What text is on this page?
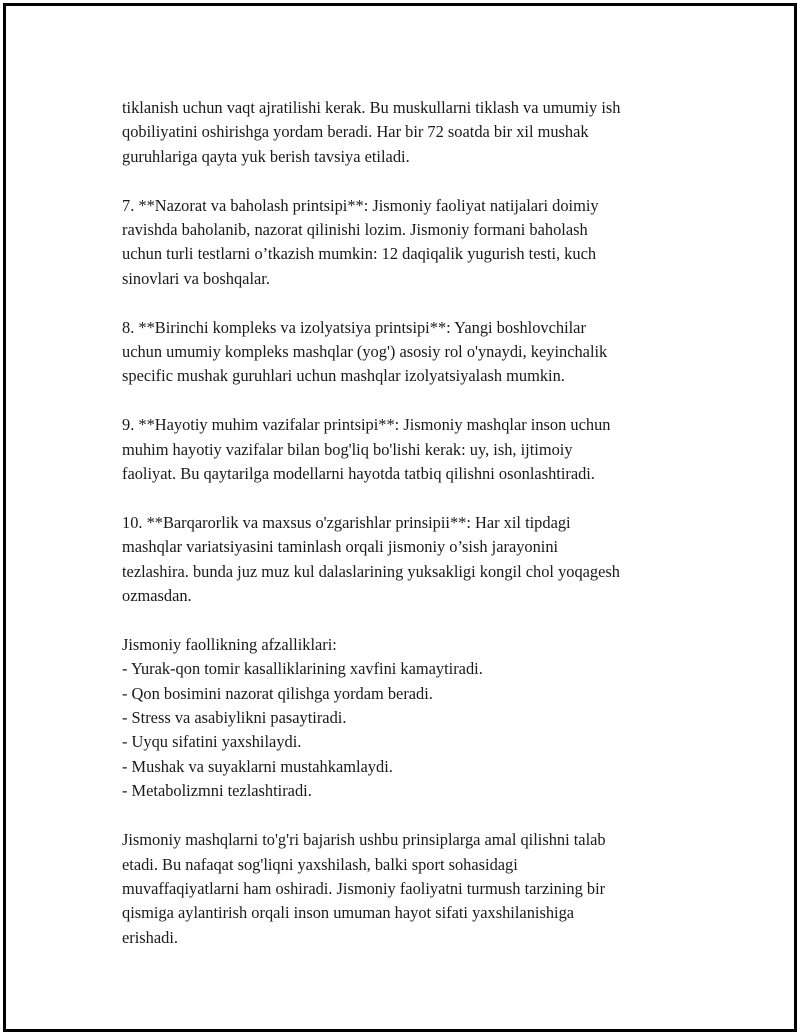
tiklanish uchun vaqt ajratilishi kerak. Bu muskullarni tiklash va umumiy ish
qobiliyatini oshirishga yordam beradi. Har bir 72 soatda bir xil mushak
guruhlariga qayta yuk berish tavsiya etiladi.

7. **Nazorat va baholash printsipi**: Jismoniy faoliyat natijalari doimiy
ravishda baholanib, nazorat qilinishi lozim. Jismoniy formani baholash
uchun turli testlarni o’tkazish mumkin: 12 daqiqalik yugurish testi, kuch
sinovlari va boshqalar.

8. **Birinchi kompleks va izolyatsiya printsipi**: Yangi boshlovchilar
uchun umumiy kompleks mashqlar (yog') asosiy rol o'ynaydi, keyinchalik
specific mushak guruhlari uchun mashqlar izolyatsiyalash mumkin.

9. **Hayotiy muhim vazifalar printsipi**: Jismoniy mashqlar inson uchun
muhim hayotiy vazifalar bilan bog'liq bo'lishi kerak: uy, ish, ijtimoiy
faoliyat. Bu qaytarilga modellarni hayotda tatbiq qilishni osonlashtiradi.

10. **Barqarorlik va maxsus o'zgarishlar prinsipii**: Har xil tipdagi
mashqlar variatsiyasini taminlash orqali jismoniy o’sish jarayonini
tezlashira. bunda juz muz kul dalaslarining yuksakligi kongil chol yoqagesh
ozmasdan.

Jismoniy faollikning afzalliklari:
- Yurak-qon tomir kasalliklarining xavfini kamaytiradi.
- Qon bosimini nazorat qilishga yordam beradi.
- Stress va asabiylikni pasaytiradi.
- Uyqu sifatini yaxshilaydi.
- Mushak va suyaklarni mustahkamlaydi.
- Metabolizmni tezlashtiradi.

Jismoniy mashqlarni to'g'ri bajarish ushbu prinsiplarga amal qilishni talab
etadi. Bu nafaqat sog'liqni yaxshilash, balki sport sohasidagi
muvaffaqiyatlarni ham oshiradi. Jismoniy faoliyatni turmush tarzining bir
qismiga aylantirish orqali inson umuman hayot sifati yaxshilanishiga
erishadi.
